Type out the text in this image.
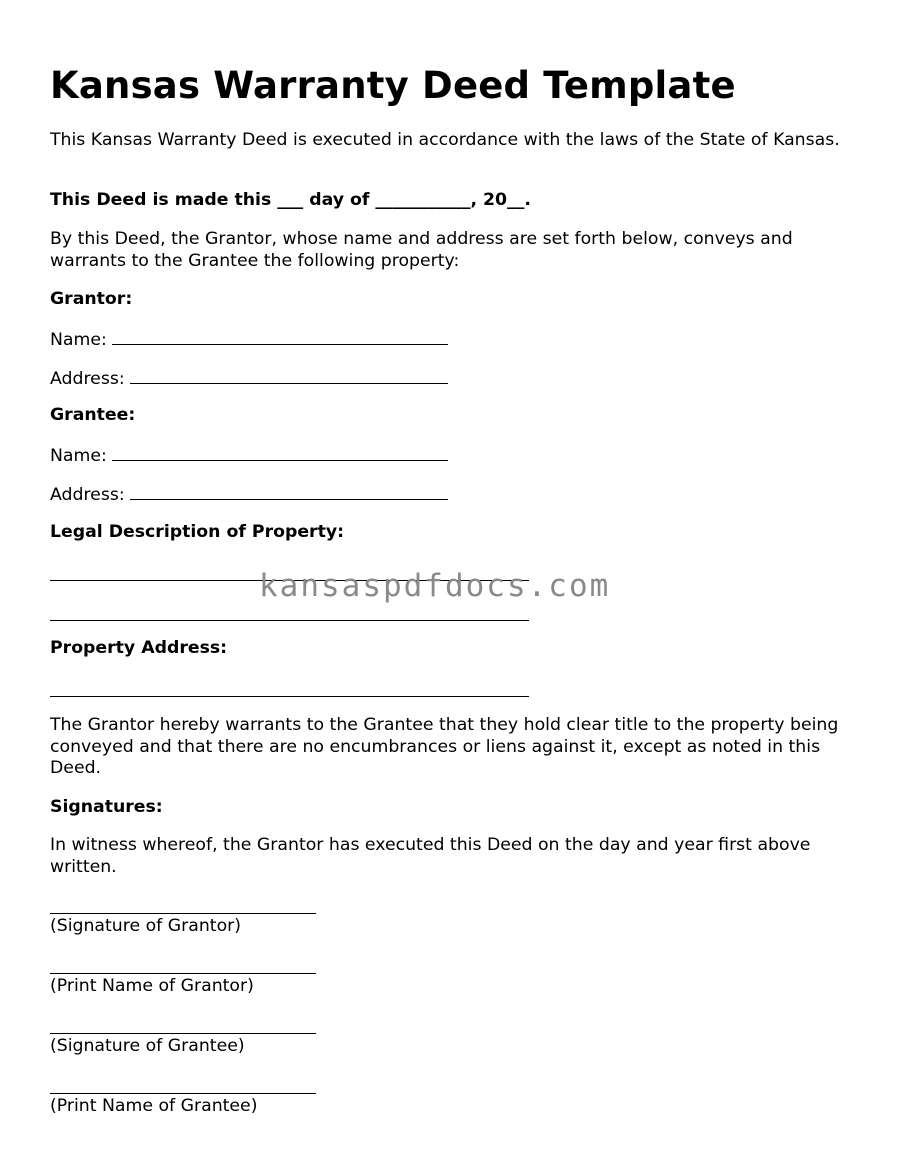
Kansas Warranty Deed Template

This Kansas Warranty Deed is executed in accordance with the laws of the State of Kansas.

This Deed is made this ___ day of ___________, 20__.

By this Deed, the Grantor, whose name and address are set forth below, conveys and warrants to the Grantee the following property:

Grantor:

Name:
Address:

Grantee:

Name:
Address:

Legal Description of Property:

Property Address:

The Grantor hereby warrants to the Grantee that they hold clear title to the property being conveyed and that there are no encumbrances or liens against it, except as noted in this Deed.

Signatures:

In witness whereof, the Grantor has executed this Deed on the day and year first above written.

(Signature of Grantor)

(Print Name of Grantor)

(Signature of Grantee)

(Print Name of Grantee)

kansaspdfdocs.com
